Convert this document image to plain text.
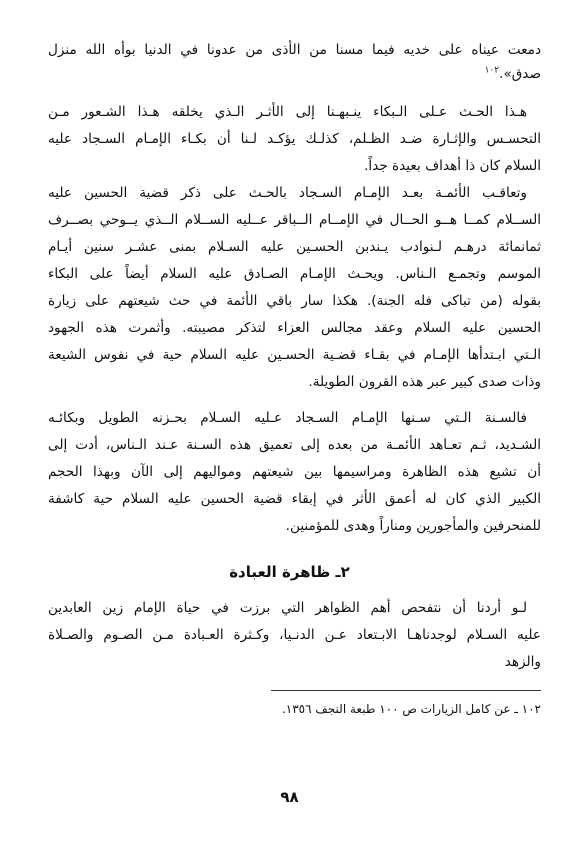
دمعت عيناه على خديه فيما مسنا من الأذى من عدونا في الدنيا بوأه الله منزل
صدق».$^{١٠٢}$
هـذا الحـث عـلى الـبكاء ينـبهـنا إلى الأثـر الـذي يخلقه هـذا الشـعور مـن
التحسـس والإثـارة ضـد الظـلم، كذلـك يؤكـد لـنا أن بكـاء الإمـام السـجاد عليه
السلام كان ذا أهداف بعيدة جداً.
وتعاقـب الأئمـة بعـد الإمـام السـجاد بالحـث على ذكر قضية الحسين عليه
الســلام كمــا هــو الحــال في الإمــام الــباقر عــليه الســلام الــذي يــوحي بصــرف
ثمانمائة درهـم لـنوادب يـندبن الحسـين عليه السـلام بمنى عشـر سنين أيـام
الموسم وتجمـع الـناس. ويحـث الإمـام الصـادق عليه السلام أيضاً على البكاء
بقوله (من تباكى فله الجنة). هكذا سار باقي الأئمة في حث شيعتهم على زيارة
الحسين عليه السلام وعقد مجالس العزاء لتذكر مصيبته. وأثمرت هذه الجهود
الـتي ابـتدأها الإمـام في بقـاء قضـية الحسـين عليه السلام حية في نفوس الشيعة
وذات صدى كبير عبر هذه القرون الطويلة.
فالسـنة الـتي سـنها الإمـام السـجاد عـليه السـلام بحـزنه الطويل وبكائـه
الشـديد، ثـم تعـاهد الأئمـة من بعده إلى تعميق هذه السـنة عـند الـناس، أدت إلى
أن تشيع هذه الظاهرة ومراسيمها بين شيعتهم ومواليهم إلى الآن وبهذا الحجم
الكبير الذي كان له أعمق الأثر في إبقاء قضية الحسين عليه السلام حية كاشفة
للمنحرفين والمأجورين ومناراً وهدى للمؤمنين.
٢ـ ظاهرة العبادة
لـو أردنا أن نتفحص أهم الظواهر التي برزت في حياة الإمام زين العابدين
عليه السـلام لوجدناهـا الابـتعاد عـن الدنـيا، وكـثرة العـبادة مـن الصـوم والصـلاة
والزهد
١٠٢ ـ عن كامل الزيارات ص ١٠٠ طبعة النجف ١٣٥٦.
٩٨
